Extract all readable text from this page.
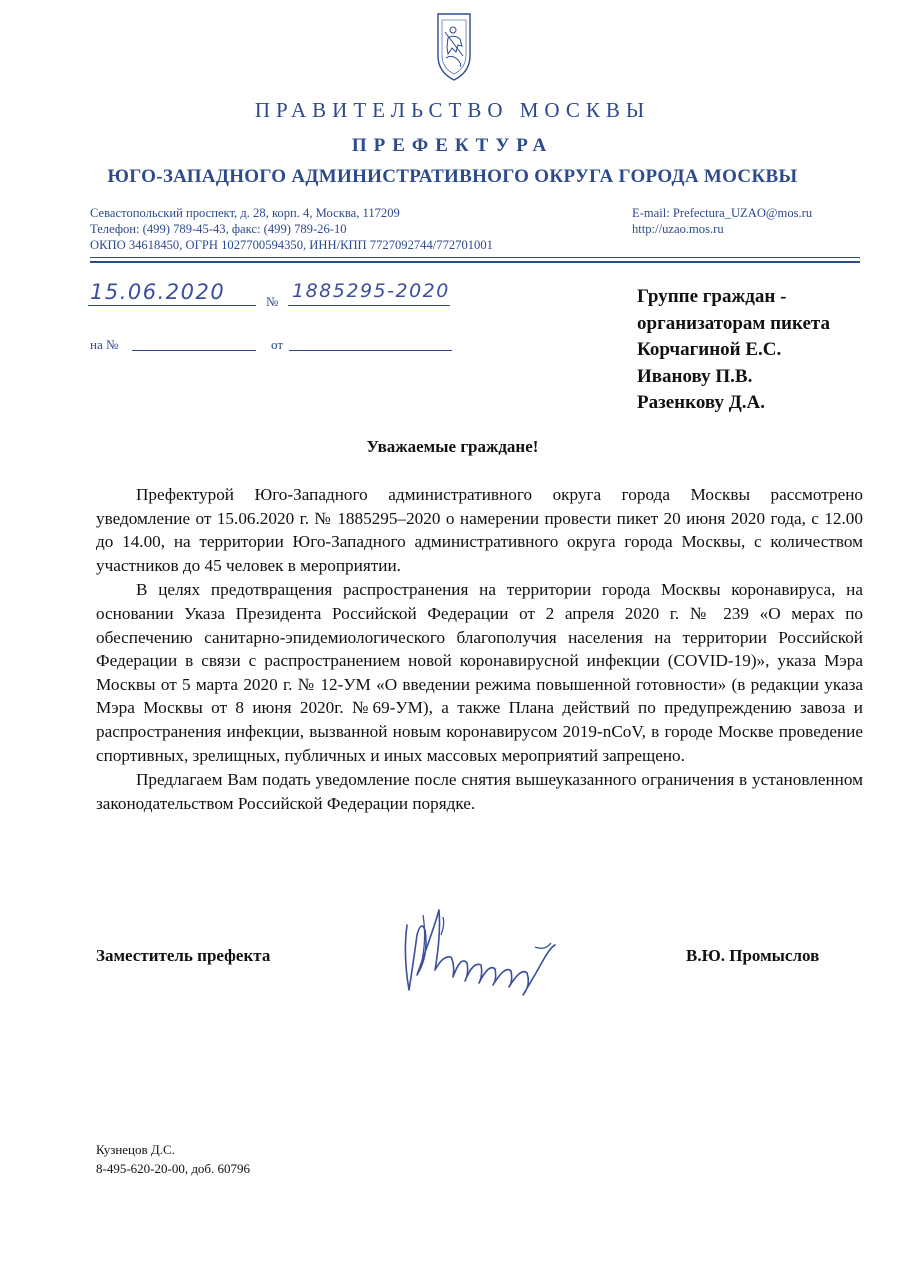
ПРАВИТЕЛЬСТВО МОСКВЫ
ПРЕФЕКТУРА
ЮГО-ЗАПАДНОГО АДМИНИСТРАТИВНОГО ОКРУГА ГОРОДА МОСКВЫ
Севастопольский проспект, д. 28, корп. 4, Москва, 117209
Телефон: (499) 789-45-43, факс: (499) 789-26-10
ОКПО 34618450, ОГРН 1027700594350, ИНН/КПП 7727092744/772701001
E-mail: Prefectura_UZAO@mos.ru
http://uzao.mos.ru
15.06.2020	№ 1885295-2020
на №	от
Группе граждан -
организаторам пикета
Корчагиной Е.С.
Иванову П.В.
Разенкову Д.А.
Уважаемые граждане!

Префектурой Юго-Западного административного округа города Москвы рассмотрено уведомление от 15.06.2020 г. № 1885295–2020 о намерении провести пикет 20 июня 2020 года, с 12.00 до 14.00, на территории Юго-Западного административного округа города Москвы, с количеством участников до 45 человек в мероприятии.

В целях предотвращения распространения на территории города Москвы коронавируса, на основании Указа Президента Российской Федерации от 2 апреля 2020 г. № 239 «О мерах по обеспечению санитарно-эпидемиологического благополучия населения на территории Российской Федерации в связи с распространением новой коронавирусной инфекции (COVID-19)», указа Мэра Москвы от 5 марта 2020 г. № 12-УМ «О введении режима повышенной готовности» (в редакции указа Мэра Москвы от 8 июня 2020г. №69-УМ), а также Плана действий по предупреждению завоза и распространения инфекции, вызванной новым коронавирусом 2019-nCoV, в городе Москве проведение спортивных, зрелищных, публичных и иных массовых мероприятий запрещено.

Предлагаем Вам подать уведомление после снятия вышеуказанного ограничения в установленном законодательством Российской Федерации порядке.

Заместитель префекта	В.Ю. Промыслов
Кузнецов Д.С.
8-495-620-20-00, доб. 60796
